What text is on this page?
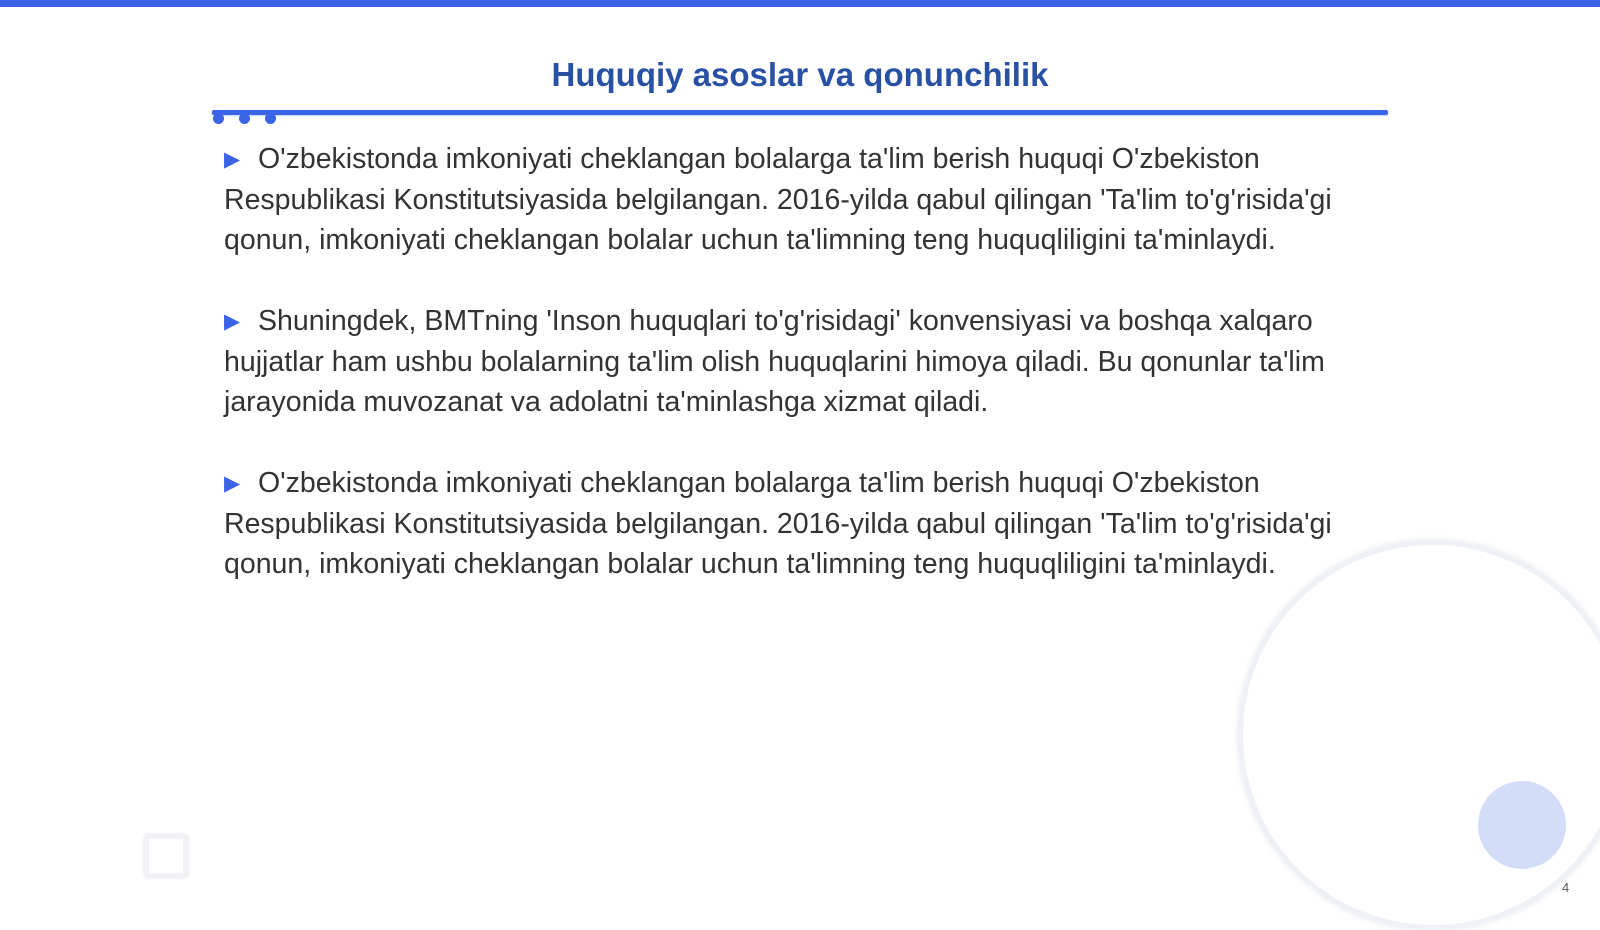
Huquqiy asoslar va qonunchilik

▶ O'zbekistonda imkoniyati cheklangan bolalarga ta'lim berish huquqi O'zbekiston Respublikasi Konstitutsiyasida belgilangan. 2016-yilda qabul qilingan 'Ta'lim to'g'risida'gi qonun, imkoniyati cheklangan bolalar uchun ta'limning teng huquqliligini ta'minlaydi.

▶ Shuningdek, BMTning 'Inson huquqlari to'g'risidagi' konvensiyasi va boshqa xalqaro hujjatlar ham ushbu bolalarning ta'lim olish huquqlarini himoya qiladi. Bu qonunlar ta'lim jarayonida muvozanat va adolatni ta'minlashga xizmat qiladi.

▶ O'zbekistonda imkoniyati cheklangan bolalarga ta'lim berish huquqi O'zbekiston Respublikasi Konstitutsiyasida belgilangan. 2016-yilda qabul qilingan 'Ta'lim to'g'risida'gi qonun, imkoniyati cheklangan bolalar uchun ta'limning teng huquqliligini ta'minlaydi.

4
